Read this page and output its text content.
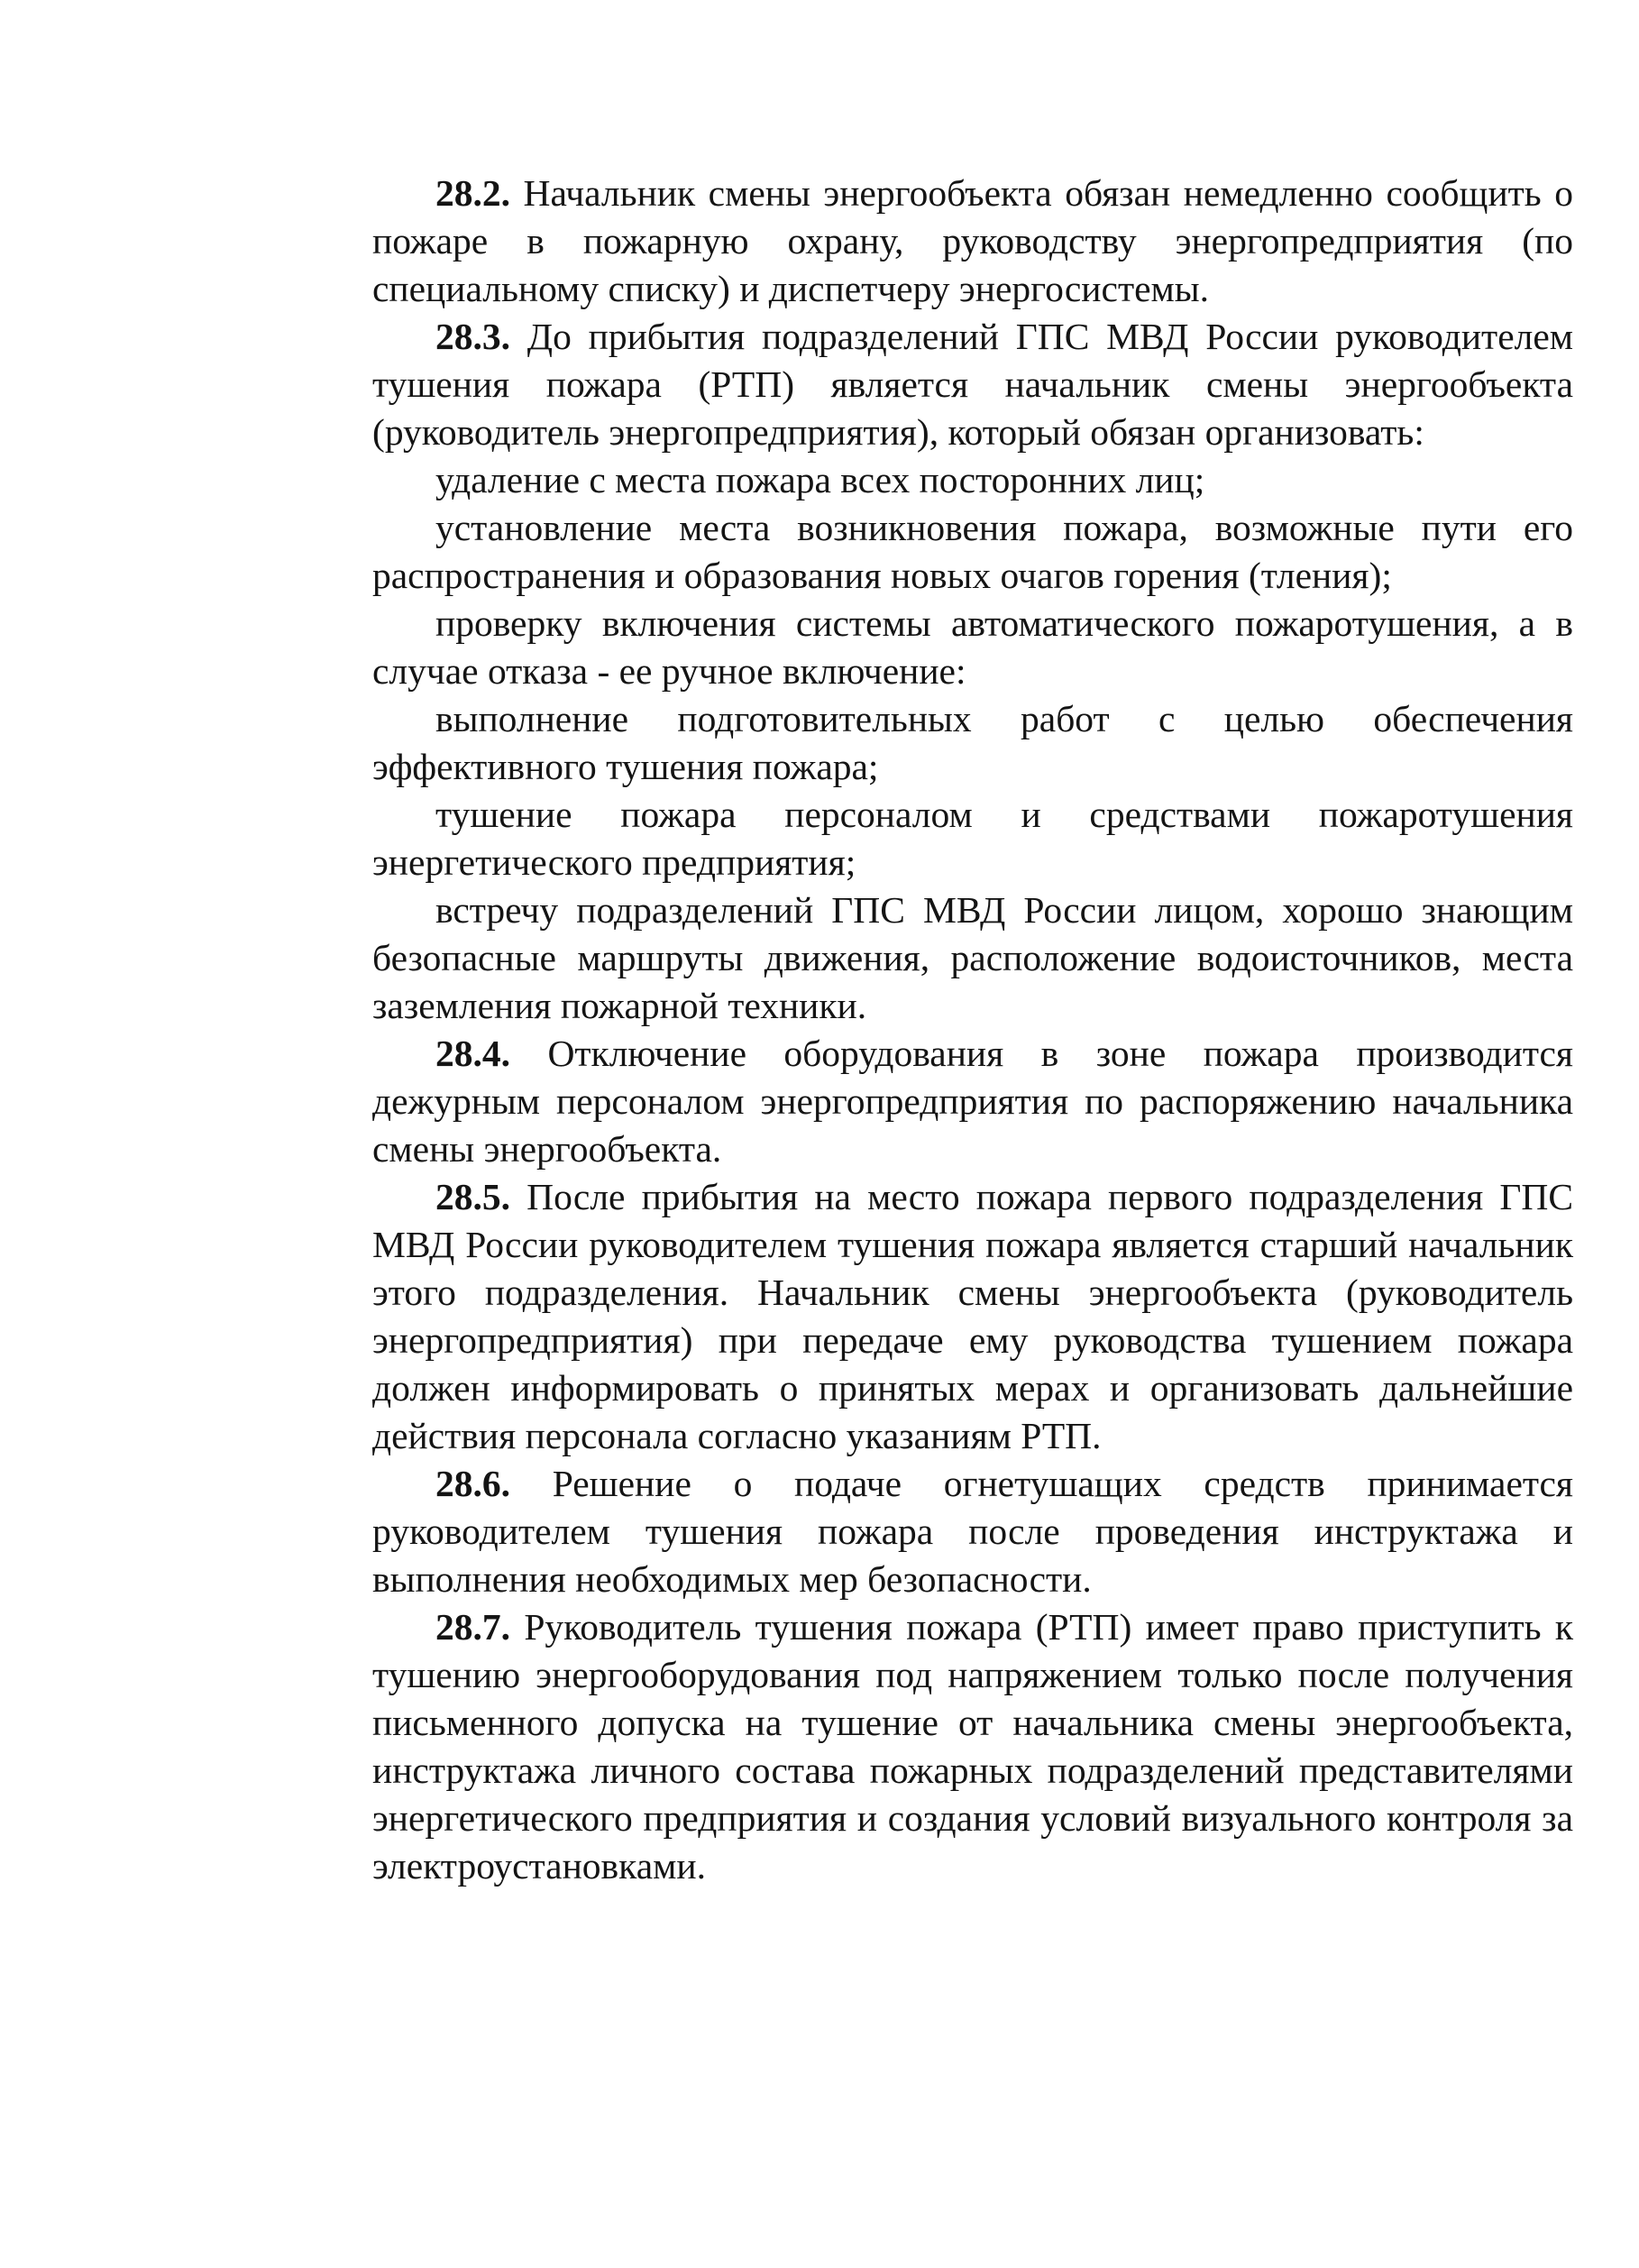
28.2. Начальник смены энергообъекта обязан немедленно сообщить о пожаре в пожарную охрану, руководству энергопредприятия (по специальному списку) и диспетчеру энергосистемы.

28.3. До прибытия подразделений ГПС МВД России руководителем тушения пожара (РТП) является начальник смены энергообъекта (руководитель энергопредприятия), который обязан организовать:

удаление с места пожара всех посторонних лиц;

установление места возникновения пожара, возможные пути его распространения и образования новых очагов горения (тления);

проверку включения системы автоматического пожаротушения, а в случае отказа - ее ручное включение:

выполнение подготовительных работ с целью обеспечения эффективного тушения пожара;

тушение пожара персоналом и средствами пожаротушения энергетического предприятия;

встречу подразделений ГПС МВД России лицом, хорошо знающим безопасные маршруты движения, расположение водоисточников, места заземления пожарной техники.

28.4. Отключение оборудования в зоне пожара производится дежурным персоналом энергопредприятия по распоряжению начальника смены энергообъекта.

28.5. После прибытия на место пожара первого подразделения ГПС МВД России руководителем тушения пожара является старший начальник этого подразделения. Начальник смены энергообъекта (руководитель энергопредприятия) при передаче ему руководства тушением пожара должен информировать о принятых мерах и организовать дальнейшие действия персонала согласно указаниям РТП.

28.6. Решение о подаче огнетушащих средств принимается руководителем тушения пожара после проведения инструктажа и выполнения необходимых мер безопасности.

28.7. Руководитель тушения пожара (РТП) имеет право приступить к тушению энергооборудования под напряжением только после получения письменного допуска на тушение от начальника смены энергообъекта, инструктажа личного состава пожарных подразделений представителями энергетического предприятия и создания условий визуального контроля за электроустановками.
